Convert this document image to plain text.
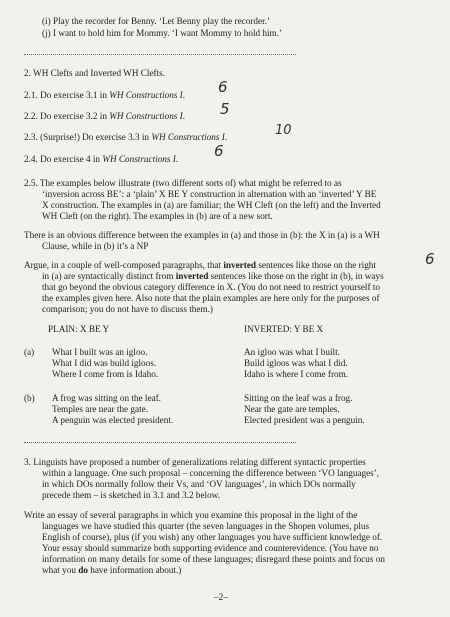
(i) Play the recorder for Benny. ‘Let Benny play the recorder.’
(j) I want to hold him for Mommy. ‘I want Mommy to hold him.’
2. WH Clefts and Inverted WH Clefts.
2.1. Do exercise 3.1 in WH Constructions I. 6
2.2. Do exercise 3.2 in WH Constructions I. 5
2.3. (Surprise!) Do exercise 3.3 in WH Constructions I.	10
2.4. Do exercise 4 in WH Constructions I. 6
2.5. The examples below illustrate (two different sorts of) what might be referred to as
‘inversion across BE’: a ‘plain’ X BE Y construction in alternation with an ‘inverted’ Y BE
X construction. The examples in (a) are familiar; the WH Cleft (on the left) and the Inverted
WH Cleft (on the right). The examples in (b) are of a new sort.
There is an obvious difference between the examples in (a) and those in (b): the X in (a) is a WH
Clause, while in (b) it’s a NP
Argue, in a couple of well-composed paragraphs, that inverted sentences like those on the right
in (a) are syntactically distinct from inverted sentences like those on the right in (b), in ways
that go beyond the obvious category difference in X. (You do not need to restrict yourself to
the examples given here. Also note that the plain examples are here only for the purposes of
comparison; you do not have to discuss them.)
6
PLAIN: X BE Y	INVERTED: Y BE X
(a) What I built was an igloo.
What I did was build igloos.
Where I come from is Idaho.
An igloo was what I built.
Build igloos was what I did.
Idaho is where I come from.
(b) A frog was sitting on the leaf.
Temples are near the gate.
A penguin was elected president.
Sitting on the leaf was a frog.
Near the gate are temples.
Elected president was a penguin.
3. Linguists have proposed a number of generalizations relating different syntactic properties
within a language. One such proposal – concerning the difference between ‘VO languages’,
in which DOs normally follow their Vs, and ‘OV languages’, in which DOs normally
precede them – is sketched in 3.1 and 3.2 below.
Write an essay of several paragraphs in which you examine this proposal in the light of the
languages we have studied this quarter (the seven languages in the Shopen volumes, plus
English of course), plus (if you wish) any other languages you have sufficient knowledge of.
Your essay should summarize both supporting evidence and counterevidence. (You have no
information on many details for some of these languages; disregard these points and focus on
what you do have information about.)
–2–
